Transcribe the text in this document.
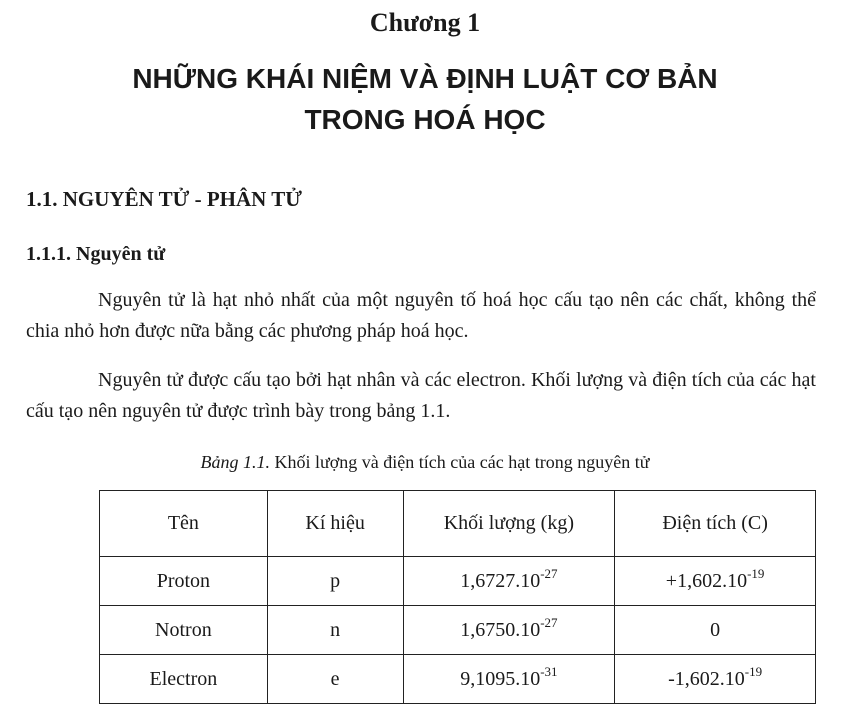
Chương 1
NHỮNG KHÁI NIỆM VÀ ĐỊNH LUẬT CƠ BẢN
TRONG HOÁ HỌC
1.1. NGUYÊN TỬ - PHÂN TỬ
1.1.1. Nguyên tử
Nguyên tử là hạt nhỏ nhất của một nguyên tố hoá học cấu tạo nên các chất, không thể chia nhỏ hơn được nữa bằng các phương pháp hoá học.
Nguyên tử được cấu tạo bởi hạt nhân và các electron. Khối lượng và điện tích của các hạt cấu tạo nên nguyên tử được trình bày trong bảng 1.1.
Bảng 1.1. Khối lượng và điện tích của các hạt trong nguyên tử
Tên	Kí hiệu	Khối lượng (kg)	Điện tích (C)
Proton	p	$1,6727.10^{-27}$	$+1,602.10^{-19}$
Notron	n	$1,6750.10^{-27}$	0
Electron	e	$9,1095.10^{-31}$	$-1,602.10^{-19}$
